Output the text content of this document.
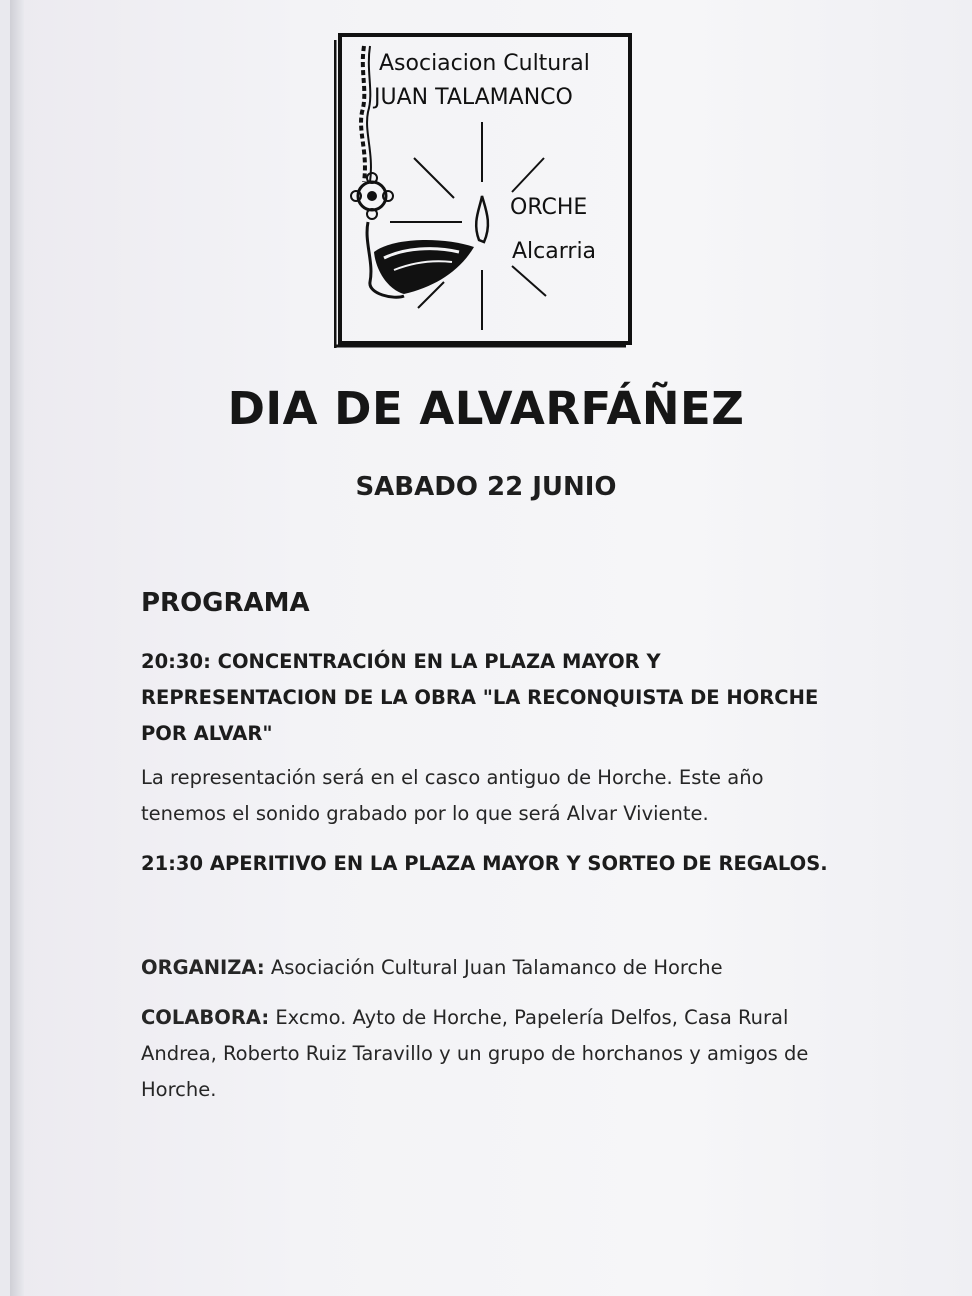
Asociacion Cultural
JUAN TALAMANCO
ORCHE
Alcarria
DIA DE ALVARFÁÑEZ
SABADO 22 JUNIO
PROGRAMA
20:30: CONCENTRACIÓN EN LA PLAZA MAYOR Y REPRESENTACION DE LA OBRA "LA RECONQUISTA DE HORCHE POR ALVAR"
La representación será en el casco antiguo de Horche. Este año tenemos el sonido grabado por lo que será Alvar Viviente.
21:30 APERITIVO EN LA PLAZA MAYOR Y SORTEO DE REGALOS.
ORGANIZA: Asociación Cultural Juan Talamanco de Horche
COLABORA: Excmo. Ayto de Horche, Papelería Delfos, Casa Rural Andrea, Roberto Ruiz Taravillo y un grupo de horchanos y amigos de Horche.
